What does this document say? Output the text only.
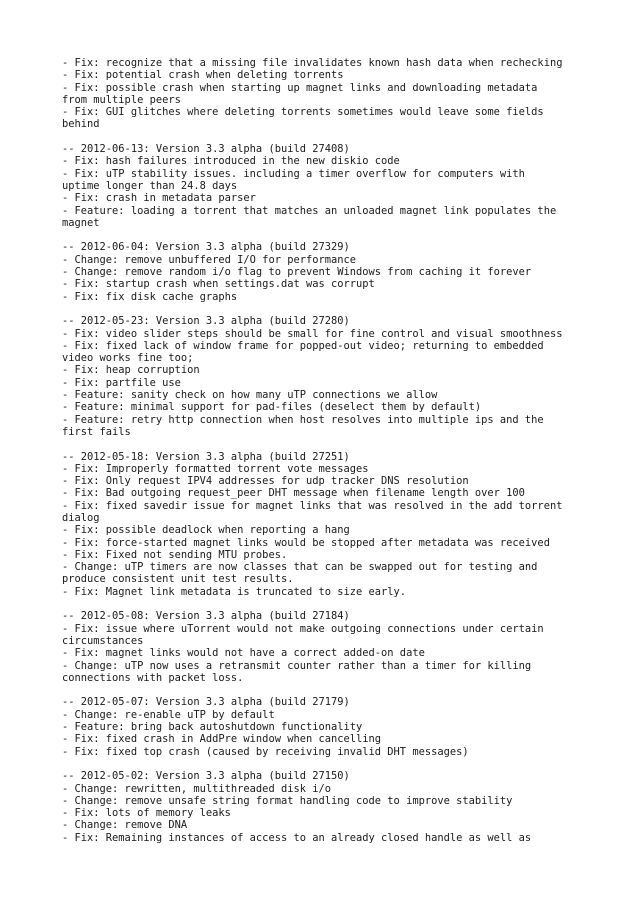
- Fix: recognize that a missing file invalidates known hash data when rechecking
- Fix: potential crash when deleting torrents
- Fix: possible crash when starting up magnet links and downloading metadata
from multiple peers
- Fix: GUI glitches where deleting torrents sometimes would leave some fields
behind
-- 2012-06-13: Version 3.3 alpha (build 27408)
- Fix: hash failures introduced in the new diskio code
- Fix: uTP stability issues. including a timer overflow for computers with
uptime longer than 24.8 days
- Fix: crash in metadata parser
- Feature: loading a torrent that matches an unloaded magnet link populates the
magnet
-- 2012-06-04: Version 3.3 alpha (build 27329)
- Change: remove unbuffered I/O for performance
- Change: remove random i/o flag to prevent Windows from caching it forever
- Fix: startup crash when settings.dat was corrupt
- Fix: fix disk cache graphs
-- 2012-05-23: Version 3.3 alpha (build 27280)
- Fix: video slider steps should be small for fine control and visual smoothness
- Fix: fixed lack of window frame for popped-out video; returning to embedded
video works fine too;
- Fix: heap corruption
- Fix: partfile use
- Feature: sanity check on how many uTP connections we allow
- Feature: minimal support for pad-files (deselect them by default)
- Feature: retry http connection when host resolves into multiple ips and the
first fails
-- 2012-05-18: Version 3.3 alpha (build 27251)
- Fix: Improperly formatted torrent vote messages
- Fix: Only request IPV4 addresses for udp tracker DNS resolution
- Fix: Bad outgoing request_peer DHT message when filename length over 100
- Fix: fixed savedir issue for magnet links that was resolved in the add torrent
dialog
- Fix: possible deadlock when reporting a hang
- Fix: force-started magnet links would be stopped after metadata was received
- Fix: Fixed not sending MTU probes.
- Change: uTP timers are now classes that can be swapped out for testing and
produce consistent unit test results.
- Fix: Magnet link metadata is truncated to size early.
-- 2012-05-08: Version 3.3 alpha (build 27184)
- Fix: issue where uTorrent would not make outgoing connections under certain
circumstances
- Fix: magnet links would not have a correct added-on date
- Change: uTP now uses a retransmit counter rather than a timer for killing
connections with packet loss.
-- 2012-05-07: Version 3.3 alpha (build 27179)
- Change: re-enable uTP by default
- Feature: bring back autoshutdown functionality
- Fix: fixed crash in AddPre window when cancelling
- Fix: fixed top crash (caused by receiving invalid DHT messages)
-- 2012-05-02: Version 3.3 alpha (build 27150)
- Change: rewritten, multithreaded disk i/o
- Change: remove unsafe string format handling code to improve stability
- Fix: lots of memory leaks
- Change: remove DNA
- Fix: Remaining instances of access to an already closed handle as well as
